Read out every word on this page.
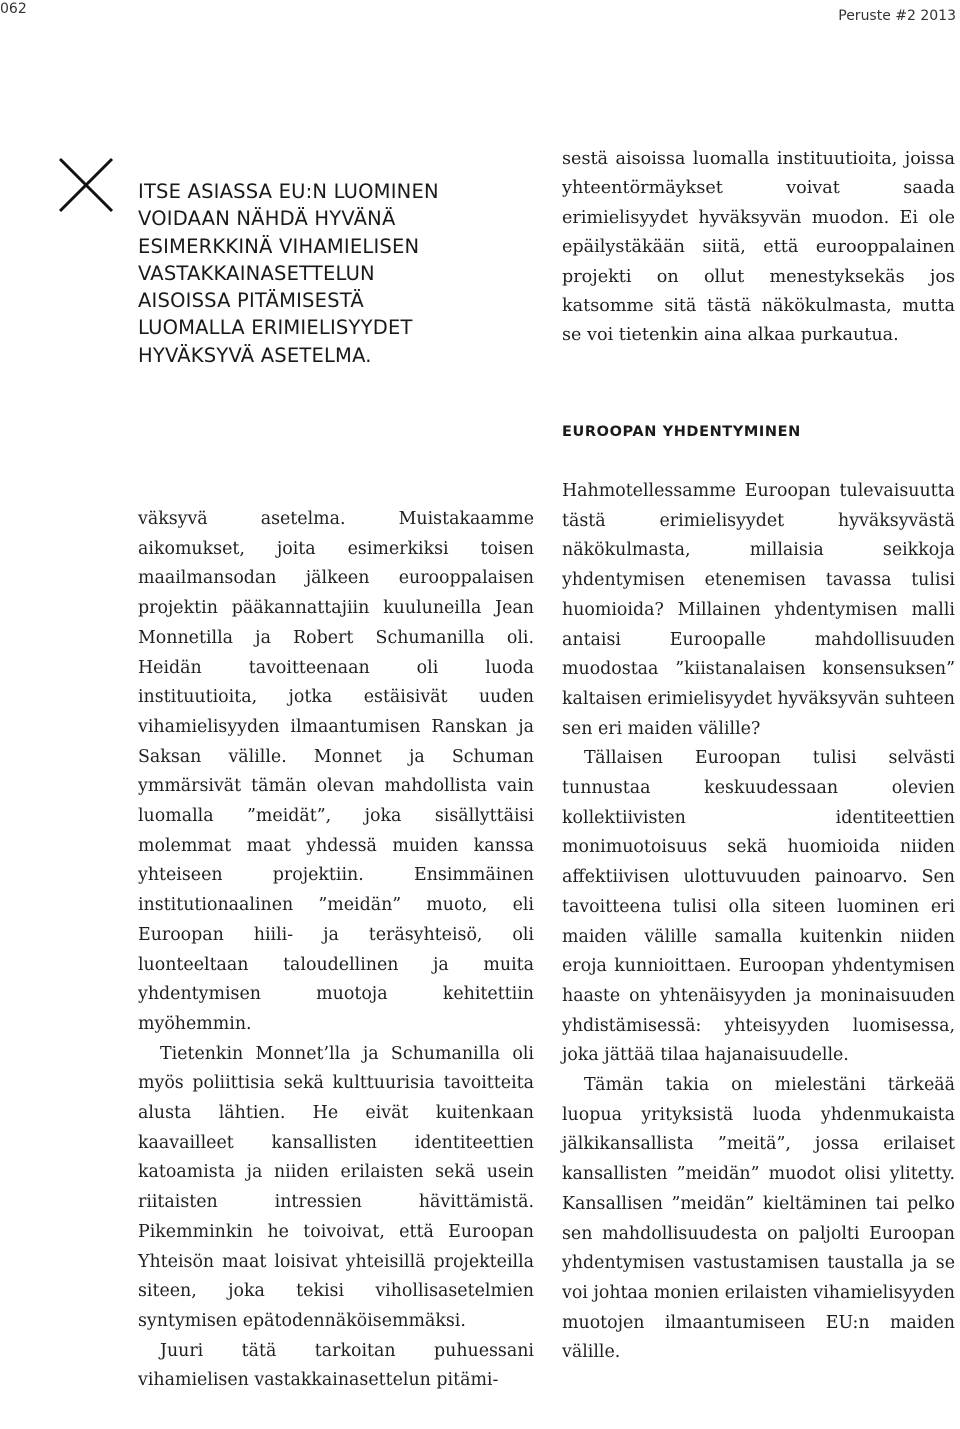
062	Peruste #2 2013
ITSE ASIASSA EU:N LUOMINEN
VOIDAAN NÄHDÄ HYVÄNÄ
ESIMERKKINÄ VIHAMIELISEN
VASTAKKAINASETTELUN
AISOISSA PITÄMISESTÄ
LUOMALLA ERIMIELISYYDET
HYVÄKSYVÄ ASETELMA.

sestä aisoissa luomalla instituutioita, joissa yhteentörmäykset voivat saada erimielisyydet hyväksyvän muodon. Ei ole epäilystäkään siitä, että eurooppalainen projekti on ollut menestyksekäs jos katsomme sitä tästä näkökulmasta, mutta se voi tietenkin aina alkaa purkautua.

EUROOPAN YHDENTYMINEN

väksyvä asetelma. Muistakaamme aikomukset, joita esimerkiksi toisen maailmansodan jälkeen eurooppalaisen projektin pääkannattajiin kuuluneilla Jean Monnetilla ja Robert Schumanilla oli. Heidän tavoitteenaan oli luoda instituutioita, jotka estäisivät uuden vihamielisyyden ilmaantumisen Ranskan ja Saksan välille. Monnet ja Schuman ymmärsivät tämän olevan mahdollista vain luomalla ”meidät”, joka sisällyttäisi molemmat maat yhdessä muiden kanssa yhteiseen projektiin. Ensimmäinen institutionaalinen ”meidän” muoto, eli Euroopan hiili- ja teräsyhteisö, oli luonteeltaan taloudellinen ja muita yhdentymisen muotoja kehitettiin myöhemmin.

Tietenkin Monnet’lla ja Schumanilla oli myös poliittisia sekä kulttuurisia tavoitteita alusta lähtien. He eivät kuitenkaan kaavailleet kansallisten identiteettien katoamista ja niiden erilaisten sekä usein riitaisten intressien hävittämistä. Pikemminkin he toivoivat, että Euroopan Yhteisön maat loisivat yhteisillä projekteilla siteen, joka tekisi vihollisasetelmien syntymisen epätodennäköisemmäksi.

Juuri tätä tarkoitan puhuessani vihamielisen vastakkainasettelun pitämi-

Hahmotellessamme Euroopan tulevaisuutta tästä erimielisyydet hyväksyvästä näkökulmasta, millaisia seikkoja yhdentymisen etenemisen tavassa tulisi huomioida? Millainen yhdentymisen malli antaisi Euroopalle mahdollisuuden muodostaa ”kiistanalaisen konsensuksen” kaltaisen erimielisyydet hyväksyvän suhteen sen eri maiden välille?

Tällaisen Euroopan tulisi selvästi tunnustaa keskuudessaan olevien kollektiivisten identiteettien monimuotoisuus sekä huomioida niiden affektiivisen ulottuvuuden painoarvo. Sen tavoitteena tulisi olla siteen luominen eri maiden välille samalla kuitenkin niiden eroja kunnioittaen. Euroopan yhdentymisen haaste on yhtenäisyyden ja moninaisuuden yhdistämisessä: yhteisyyden luomisessa, joka jättää tilaa hajanaisuudelle.

Tämän takia on mielestäni tärkeää luopua yrityksistä luoda yhdenmukaista jälkikansallista ”meitä”, jossa erilaiset kansallisten ”meidän” muodot olisi ylitetty. Kansallisen ”meidän” kieltäminen tai pelko sen mahdollisuudesta on paljolti Euroopan yhdentymisen vastustamisen taustalla ja se voi johtaa monien erilaisten vihamielisyyden muotojen ilmaantumiseen EU:n maiden välille.
